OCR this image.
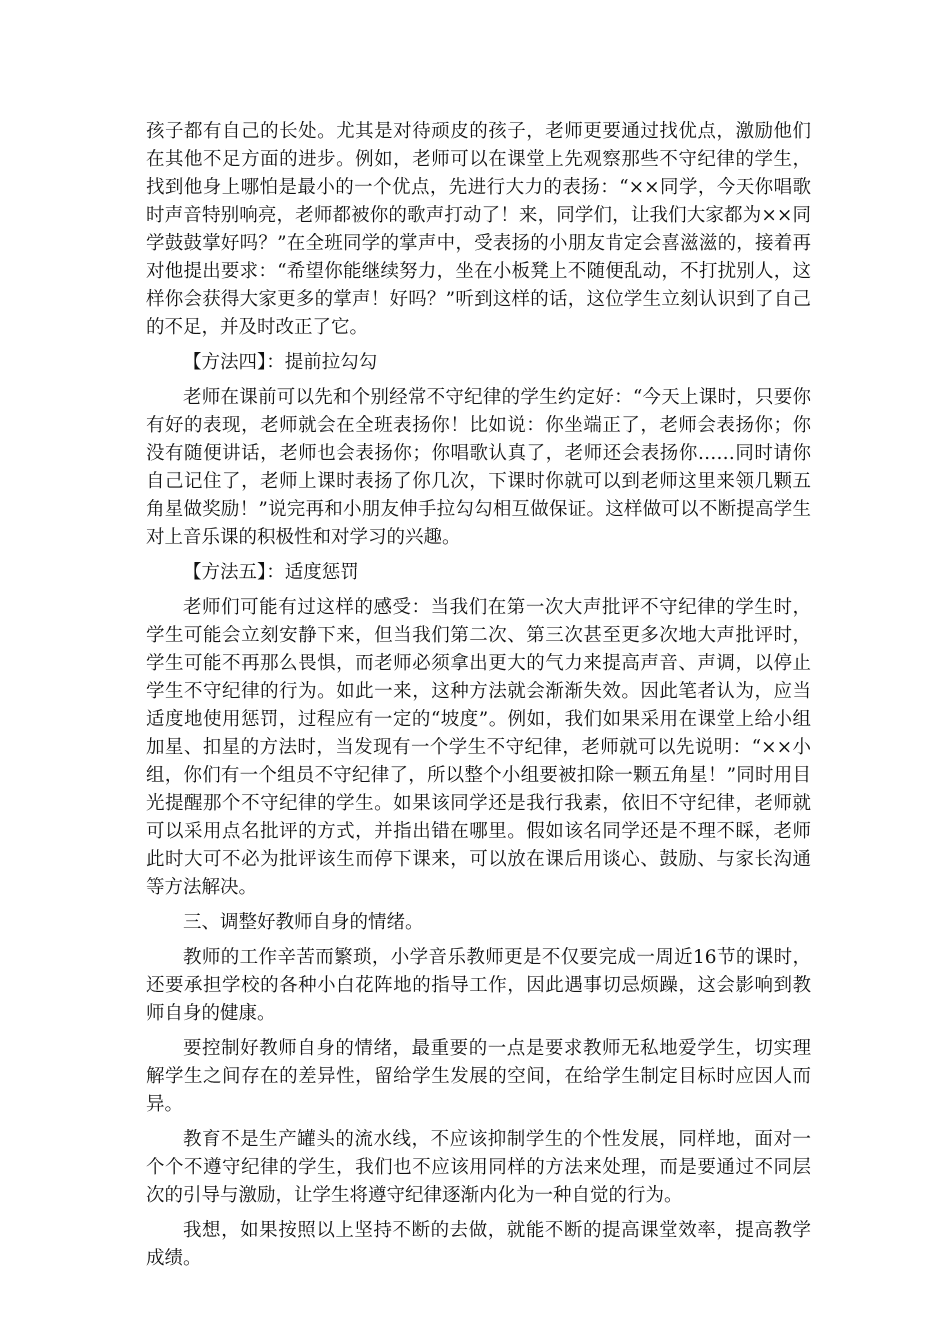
孩子都有自己的长处。尤其是对待顽皮的孩子，老师更要通过找优点，激励他们在其他不足方面的进步。例如，老师可以在课堂上先观察那些不守纪律的学生，找到他身上哪怕是最小的一个优点，先进行大力的表扬：“××同学，今天你唱歌时声音特别响亮，老师都被你的歌声打动了！来，同学们，让我们大家都为××同学鼓鼓掌好吗？”在全班同学的掌声中，受表扬的小朋友肯定会喜滋滋的，接着再对他提出要求：“希望你能继续努力，坐在小板凳上不随便乱动，不打扰别人，这样你会获得大家更多的掌声！好吗？”听到这样的话，这位学生立刻认识到了自己的不足，并及时改正了它。

【方法四】：提前拉勾勾

老师在课前可以先和个别经常不守纪律的学生约定好：“今天上课时，只要你有好的表现，老师就会在全班表扬你！比如说：你坐端正了，老师会表扬你；你没有随便讲话，老师也会表扬你；你唱歌认真了，老师还会表扬你……同时请你自己记住了，老师上课时表扬了你几次，下课时你就可以到老师这里来领几颗五角星做奖励！”说完再和小朋友伸手拉勾勾相互做保证。这样做可以不断提高学生对上音乐课的积极性和对学习的兴趣。

【方法五】：适度惩罚

老师们可能有过这样的感受：当我们在第一次大声批评不守纪律的学生时，学生可能会立刻安静下来，但当我们第二次、第三次甚至更多次地大声批评时，学生可能不再那么畏惧，而老师必须拿出更大的气力来提高声音、声调，以停止学生不守纪律的行为。如此一来，这种方法就会渐渐失效。因此笔者认为，应当适度地使用惩罚，过程应有一定的“坡度”。例如，我们如果采用在课堂上给小组加星、扣星的方法时，当发现有一个学生不守纪律，老师就可以先说明：“××小组，你们有一个组员不守纪律了，所以整个小组要被扣除一颗五角星！”同时用目光提醒那个不守纪律的学生。如果该同学还是我行我素，依旧不守纪律，老师就可以采用点名批评的方式，并指出错在哪里。假如该名同学还是不理不睬，老师此时大可不必为批评该生而停下课来，可以放在课后用谈心、鼓励、与家长沟通等方法解决。

三、调整好教师自身的情绪。

教师的工作辛苦而繁琐，小学音乐教师更是不仅要完成一周近16节的课时，还要承担学校的各种小白花阵地的指导工作，因此遇事切忌烦躁，这会影响到教师自身的健康。

要控制好教师自身的情绪，最重要的一点是要求教师无私地爱学生，切实理解学生之间存在的差异性，留给学生发展的空间，在给学生制定目标时应因人而异。

教育不是生产罐头的流水线，不应该抑制学生的个性发展，同样地，面对一个个不遵守纪律的学生，我们也不应该用同样的方法来处理，而是要通过不同层次的引导与激励，让学生将遵守纪律逐渐内化为一种自觉的行为。

我想，如果按照以上坚持不断的去做，就能不断的提高课堂效率，提高教学成绩。
